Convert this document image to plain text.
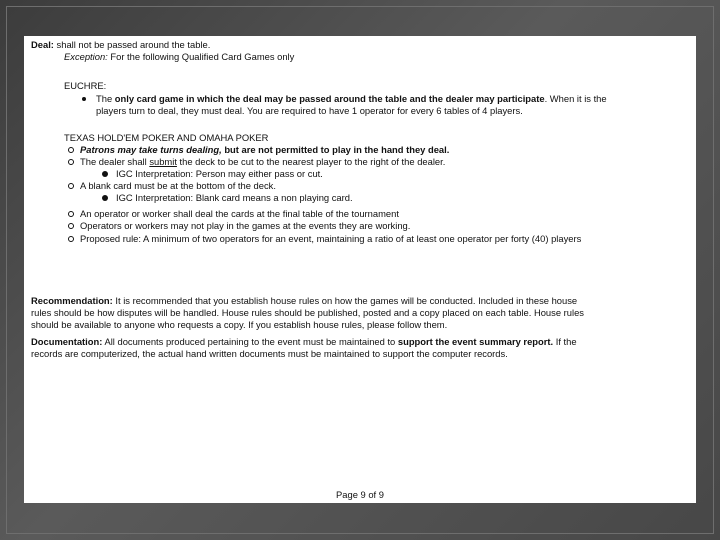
Deal: shall not be passed around the table.
Exception: For the following Qualified Card Games only
EUCHRE:
The only card game in which the deal may be passed around the table and the dealer may participate. When it is the
players turn to deal, they must deal. You are required to have 1 operator for every 6 tables of 4 players.
TEXAS HOLD'EM POKER AND OMAHA POKER
Patrons may take turns dealing, but are not permitted to play in the hand they deal.
The dealer shall submit the deck to be cut to the nearest player to the right of the dealer.
IGC Interpretation: Person may either pass or cut.
A blank card must be at the bottom of the deck.
IGC Interpretation: Blank card means a non playing card.
An operator or worker shall deal the cards at the final table of the tournament
Operators or workers may not play in the games at the events they are working.
Proposed rule: A minimum of two operators for an event, maintaining a ratio of at least one operator per forty (40) players
Recommendation: It is recommended that you establish house rules on how the games will be conducted. Included in these house
rules should be how disputes will be handled. House rules should be published, posted and a copy placed on each table. House rules
should be available to anyone who requests a copy. If you establish house rules, please follow them.
Documentation: All documents produced pertaining to the event must be maintained to support the event summary report. If the
records are computerized, the actual hand written documents must be maintained to support the computer records.
Page 9 of 9
